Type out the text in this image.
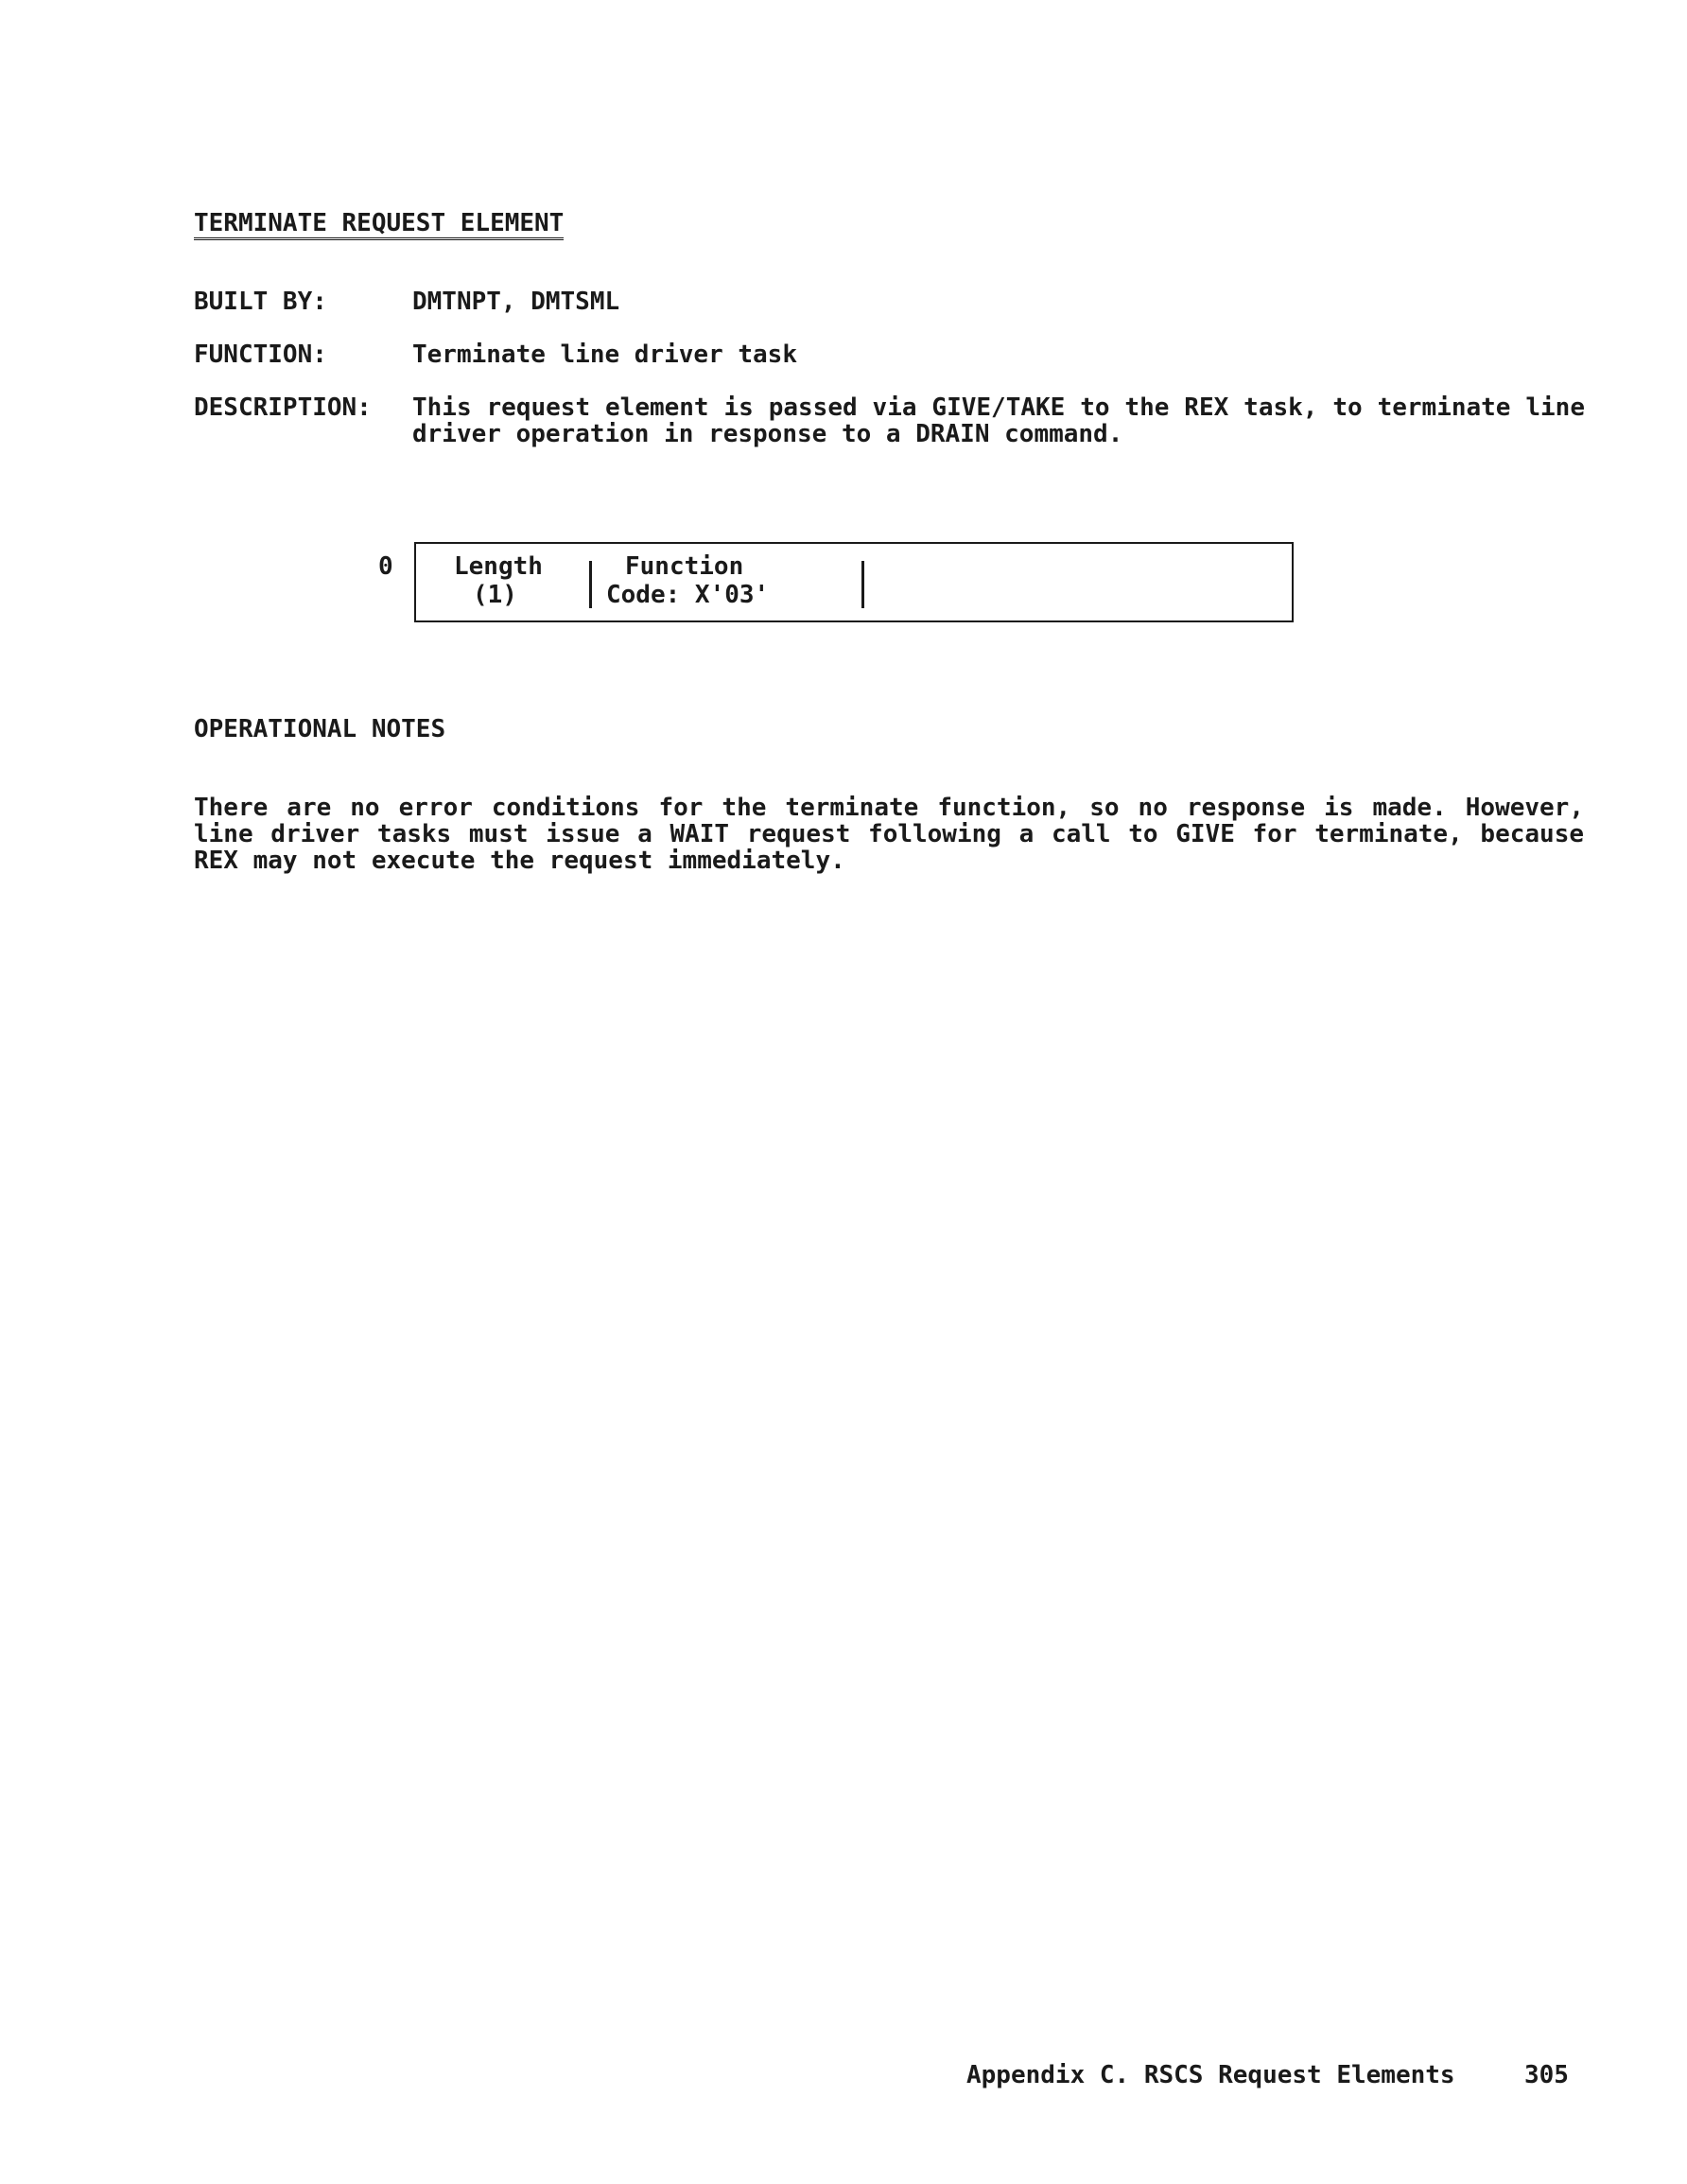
TERMINATE REQUEST ELEMENT
BUILT BY:	DMTNPT, DMTSML
FUNCTION:	Terminate line driver task
DESCRIPTION: This request element is passed via GIVE/TAKE to the REX task, to terminate line driver operation in response to a DRAIN command.
0 Length
(1)
Function
Code: X'03'
OPERATIONAL NOTES
There are no error conditions for the terminate function, so no response is made. However, line driver tasks must issue a WAIT request following a call to GIVE for terminate, because REX may not execute the request immediately.
Appendix C. RSCS Request Elements	305
